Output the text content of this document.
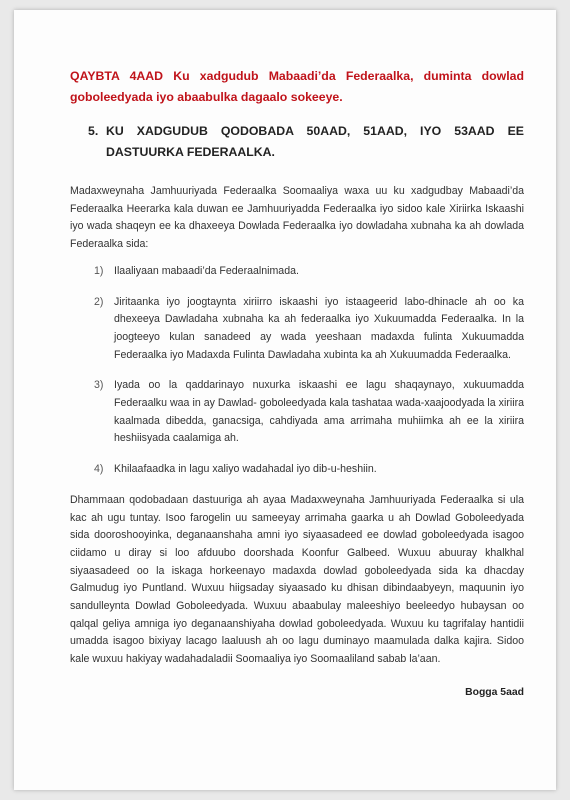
QAYBTA 4AAD Ku xadgudub Mabaadi’da Federaalka, duminta dowlad goboleedyada iyo abaabulka dagaalo sokeeye.

5. KU XADGUDUB QODOBADA 50AAD, 51AAD, IYO 53AAD EE DASTUURKA FEDERAALKA.

Madaxweynaha Jamhuuriyada Federaalka Soomaaliya waxa uu ku xadgudbay Mabaadi’da Federaalka Heerarka kala duwan ee Jamhuuriyadda Federaalka iyo sidoo kale Xiriirka Iskaashi iyo wada shaqeyn ee ka dhaxeeya Dowlada Federaalka iyo dowladaha xubnaha ka ah dowlada Federaalka sida:

1) Ilaaliyaan mabaadi’da Federaalnimada.
2) Jiritaanka iyo joogtaynta xiriirro iskaashi iyo istaageerid labo-dhinacle ah oo ka dhexeeya Dawladaha xubnaha ka ah federaalka iyo Xukuumadda Federaalka. In la joogteeyo kulan sanadeed ay wada yeeshaan madaxda fulinta Xukuumadda Federaalka iyo Madaxda Fulinta Dawladaha xubinta ka ah Xukuumadda Federaalka.
3) Iyada oo la qaddarinayo nuxurka iskaashi ee lagu shaqaynayo, xukuumadda Federaalku waa in ay Dawlad- goboleedyada kala tashataa wada-xaajoodyada la xiriira kaalmada dibedda, ganacsiga, cahdiyada ama arrimaha muhiimka ah ee la xiriira heshiisyada caalamiga ah.
4) Khilaafaadka in lagu xaliyo wadahadal iyo dib-u-heshiin.

Dhammaan qodobadaan dastuuriga ah ayaa Madaxweynaha Jamhuuriyada Federaalka si ula kac ah ugu tuntay. Isoo farogelin uu sameeyay arrimaha gaarka u ah Dowlad Goboleedyada sida dooroshooyinka, deganaanshaha amni iyo siyaasadeed ee dowlad goboleedyada isagoo ciidamo u diray si loo afduubo doorshada Koonfur Galbeed. Wuxuu abuuray khalkhal siyaasadeed oo la iskaga horkeenayo madaxda dowlad goboleedyada sida ka dhacday Galmudug iyo Puntland. Wuxuu hiigsaday siyaasado ku dhisan dibindaabyeyn, maquunin iyo sandulleynta Dowlad Goboleedyada. Wuxuu abaabulay maleeshiyo beeleedyo hubaysan oo qalqal geliya amniga iyo deganaanshiyaha dowlad goboleedyada. Wuxuu ku tagrifalay hantidii umadda isagoo bixiyay lacago laaluush ah oo lagu duminayo maamulada dalka kajira. Sidoo kale wuxuu hakiyay wadahadaladii Soomaaliya iyo Soomaaliland sabab la’aan.

Bogga 5aad
